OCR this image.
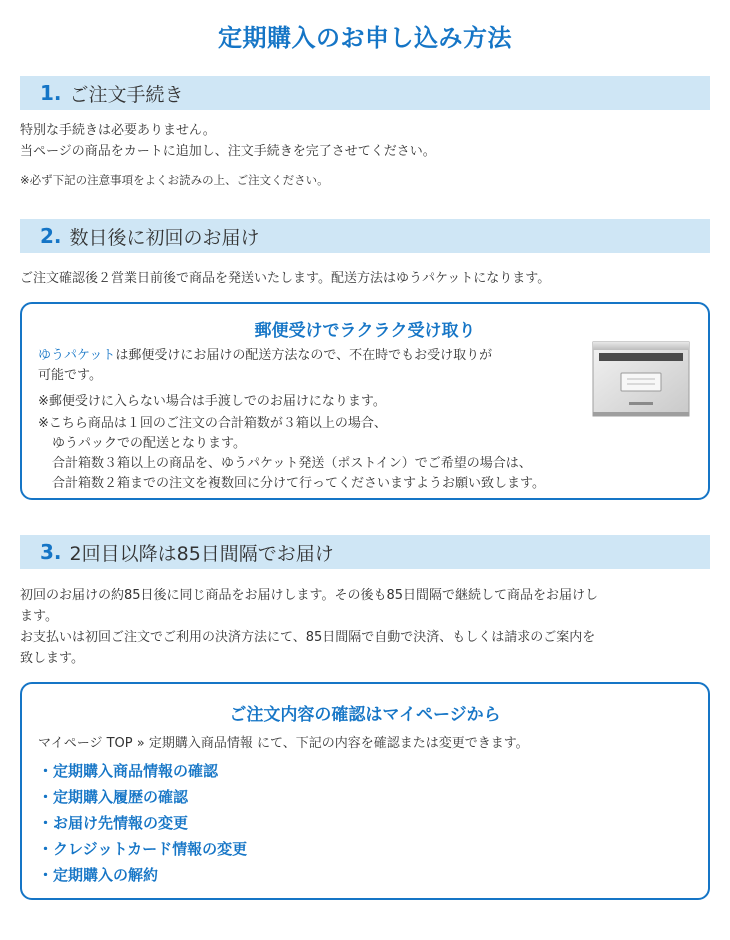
定期購入のお申し込み方法
1. ご注文手続き

特別な手続きは必要ありません。

当ページの商品をカートに追加し、注文手続きを完了させてください。

※必ず下記の注意事項をよくお読みの上、ご注文ください。
2. 数日後に初回のお届け

ご注文確認後２営業日前後で商品を発送いたします。配送方法はゆうパケットになります。

郵便受けでラクラク受け取り

ゆうパケットは郵便受けにお届けの配送方法なので、不在時でもお受け取りが

可能です。

※郵便受けに入らない場合は手渡しでのお届けになります。

※こちら商品は１回のご注文の合計箱数が３箱以上の場合、

ゆうパックでの配送となります。

合計箱数３箱以上の商品を、ゆうパケット発送（ポストイン）でご希望の場合は、

合計箱数２箱までの注文を複数回に分けて行ってくださいますようお願い致します。

3. 2回目以降は85日間隔でお届け

初回のお届けの約85日後に同じ商品をお届けします。その後も85日間隔で継続して商品をお届けし

ます。

お支払いは初回ご注文でご利用の決済方法にて、85日間隔で自動で決済、もしくは請求のご案内を

致します。

ご注文内容の確認はマイページから

マイページ TOP » 定期購入商品情報 にて、下記の内容を確認または変更できます。

・定期購入商品情報の確認
・定期購入履歴の確認
・お届け先情報の変更
・クレジットカード情報の変更
・定期購入の解約
